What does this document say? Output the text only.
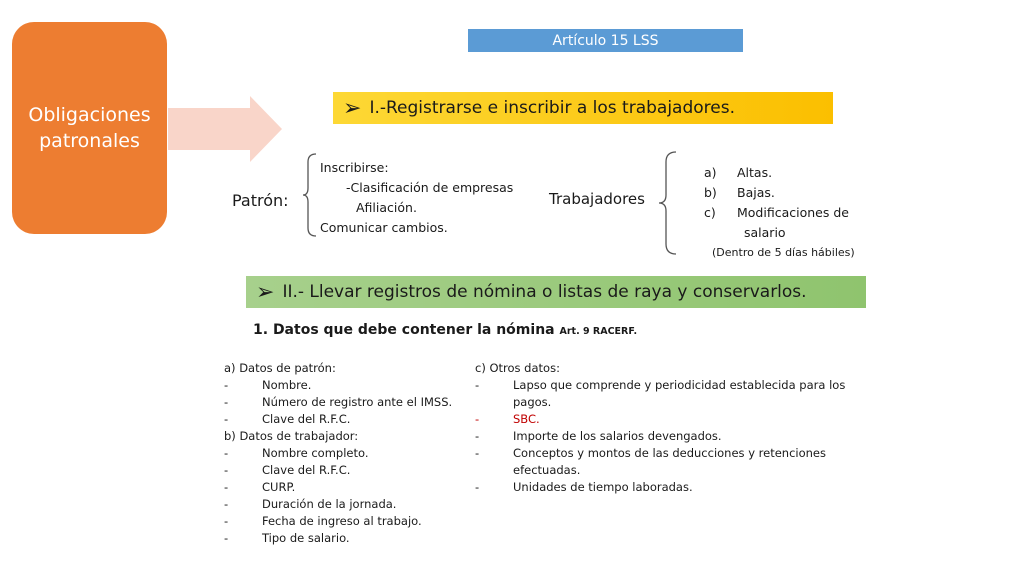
Obligaciones patronales
Artículo 15 LSS
➢ I.-Registrarse e inscribir a los trabajadores.
Patrón:
Inscribirse:
-Clasificación de empresas
Afiliación.
Comunicar cambios.
Trabajadores
a)	Altas.
b)	Bajas.
c)	Modificaciones de
salario
(Dentro de 5 días hábiles)
➢ II.- Llevar registros de nómina o listas de raya y conservarlos.
1. Datos que debe contener la nómina Art. 9 RACERF.
a) Datos de patrón:
-	Nombre.
-	Número de registro ante el IMSS.
-	Clave del R.F.C.
b) Datos de trabajador:
-	Nombre completo.
-	Clave del R.F.C.
-	CURP.
-	Duración de la jornada.
-	Fecha de ingreso al trabajo.
-	Tipo de salario.
c) Otros datos:
-	Lapso que comprende y periodicidad establecida para los pagos.
-	SBC.
-	Importe de los salarios devengados.
-	Conceptos y montos de las deducciones y retenciones efectuadas.
-	Unidades de tiempo laboradas.
